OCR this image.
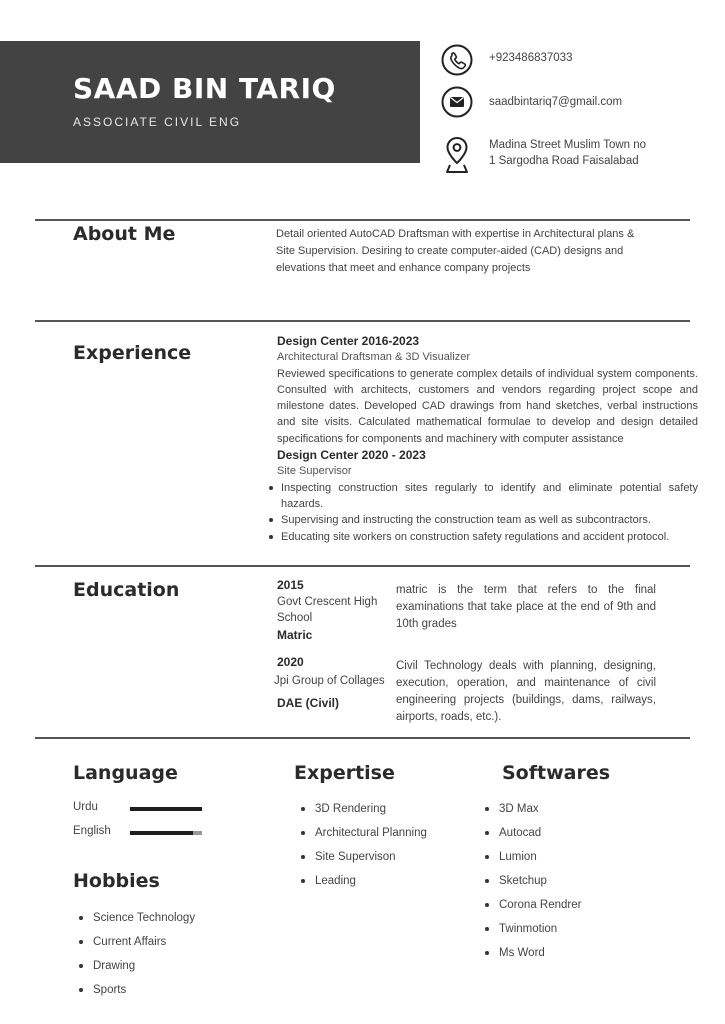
SAAD BIN TARIQ
ASSOCIATE CIVIL ENG
+923486837033
saadbintariq7@gmail.com
Madina Street Muslim Town no
1 Sargodha Road Faisalabad
About Me	Detail oriented AutoCAD Draftsman with expertise in Architectural plans & Site Supervision. Desiring to create computer-aided (CAD) designs and elevations that meet and enhance company projects
Experience
Design Center 2016-2023
Architectural Draftsman & 3D Visualizer
Reviewed specifications to generate complex details of individual system components. Consulted with architects, customers and vendors regarding project scope and milestone dates. Developed CAD drawings from hand sketches, verbal instructions and site visits. Calculated mathematical formulae to develop and design detailed specifications for components and machinery with computer assistance
Design Center 2020 - 2023
Site Supervisor
Inspecting construction sites regularly to identify and eliminate potential safety hazards.
Supervising and instructing the construction team as well as subcontractors.
Educating site workers on construction safety regulations and accident protocol.
Education	2015
Govt Crescent High School
Matric
matric is the term that refers to the final examinations that take place at the end of 9th and 10th grades
2020
Jpi Group of Collages
DAE (Civil)
Civil Technology deals with planning, designing, execution, operation, and maintenance of civil engineering projects (buildings, dams, railways, airports, roads, etc.).
Language
Urdu
English
Hobbies
Science Technology
Current Affairs
Drawing
Sports
Expertise
3D Rendering
Architectural Planning
Site Supervison
Leading
Softwares
3D Max
Autocad
Lumion
Sketchup
Corona Rendrer
Twinmotion
Ms Word
